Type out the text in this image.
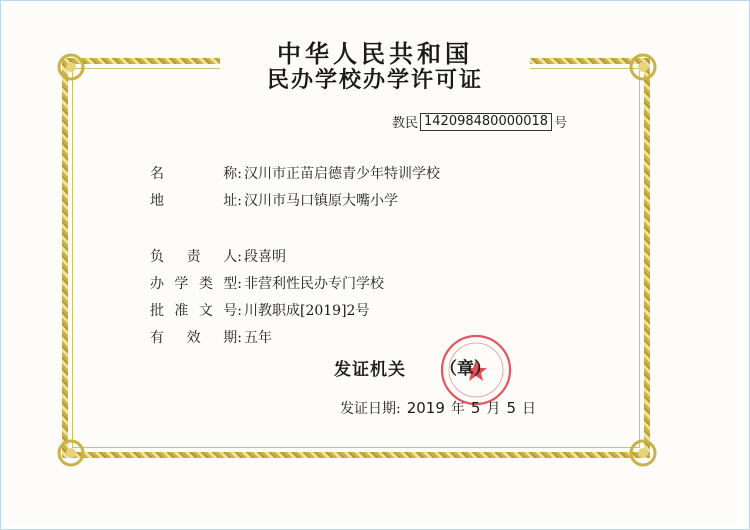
中华人民共和国
民办学校办学许可证
教民 142098480000018 号
名	称: 汉川市正苗启德青少年特训学校
地	址: 汉川市马口镇原大嘴小学
负 责 人: 段喜明
办 学 类 型: 非营利性民办专门学校
批 准 文 号: 川教职成[2019]2号
有 效 期: 五年
发证机关 （章）
发证日期: 2019 年 5 月 5 日
